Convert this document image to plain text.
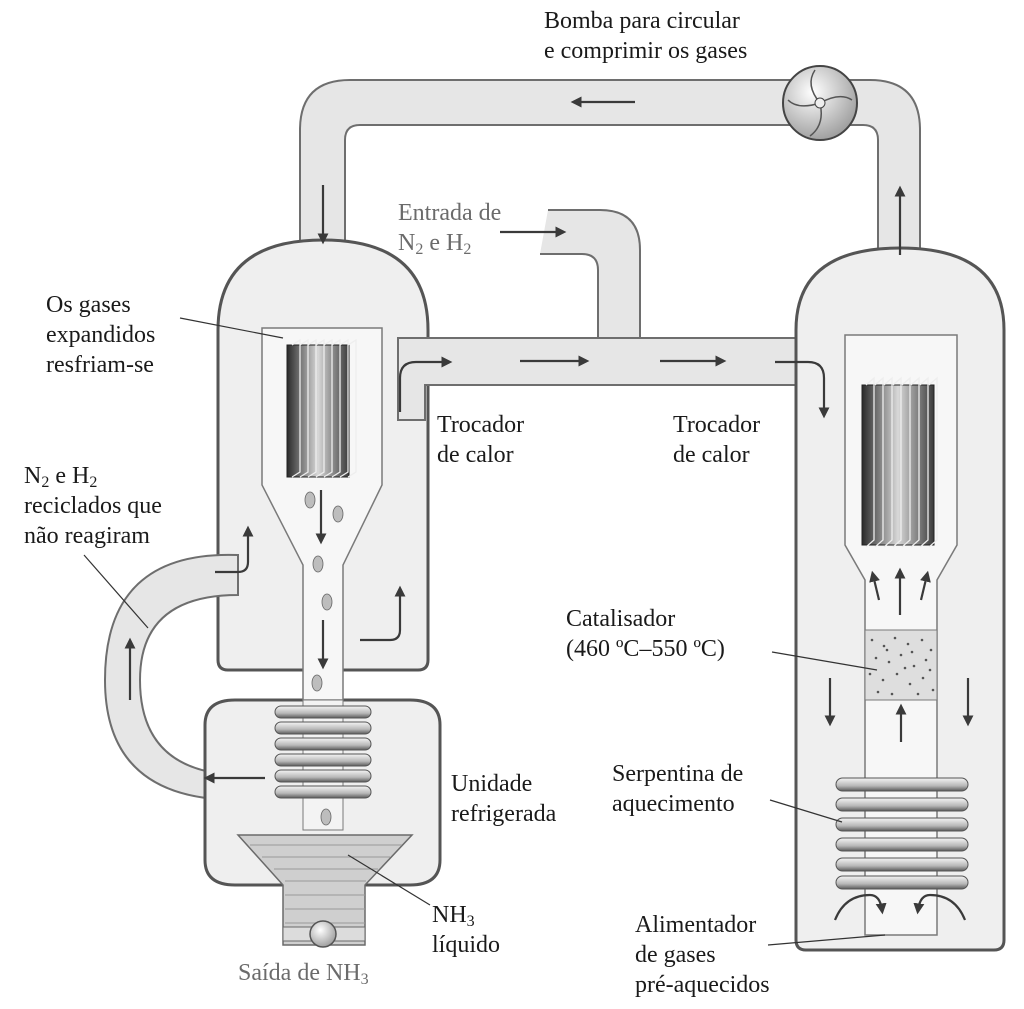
Bomba para circular
e comprimir os gases
Entrada de
$N_2$ e $H_2$
Os gases
expandidos
resfriam-se
Trocador
de calor
Trocador
de calor
$N_2$ e $H_2$
reciclados que
não reagiram
Catalisador
(460 ºC–550 ºC)
Unidade
refrigerada
Serpentina de
aquecimento
$NH_3$
líquido
Saída de $NH_3$
Alimentador
de gases
pré-aquecidos
